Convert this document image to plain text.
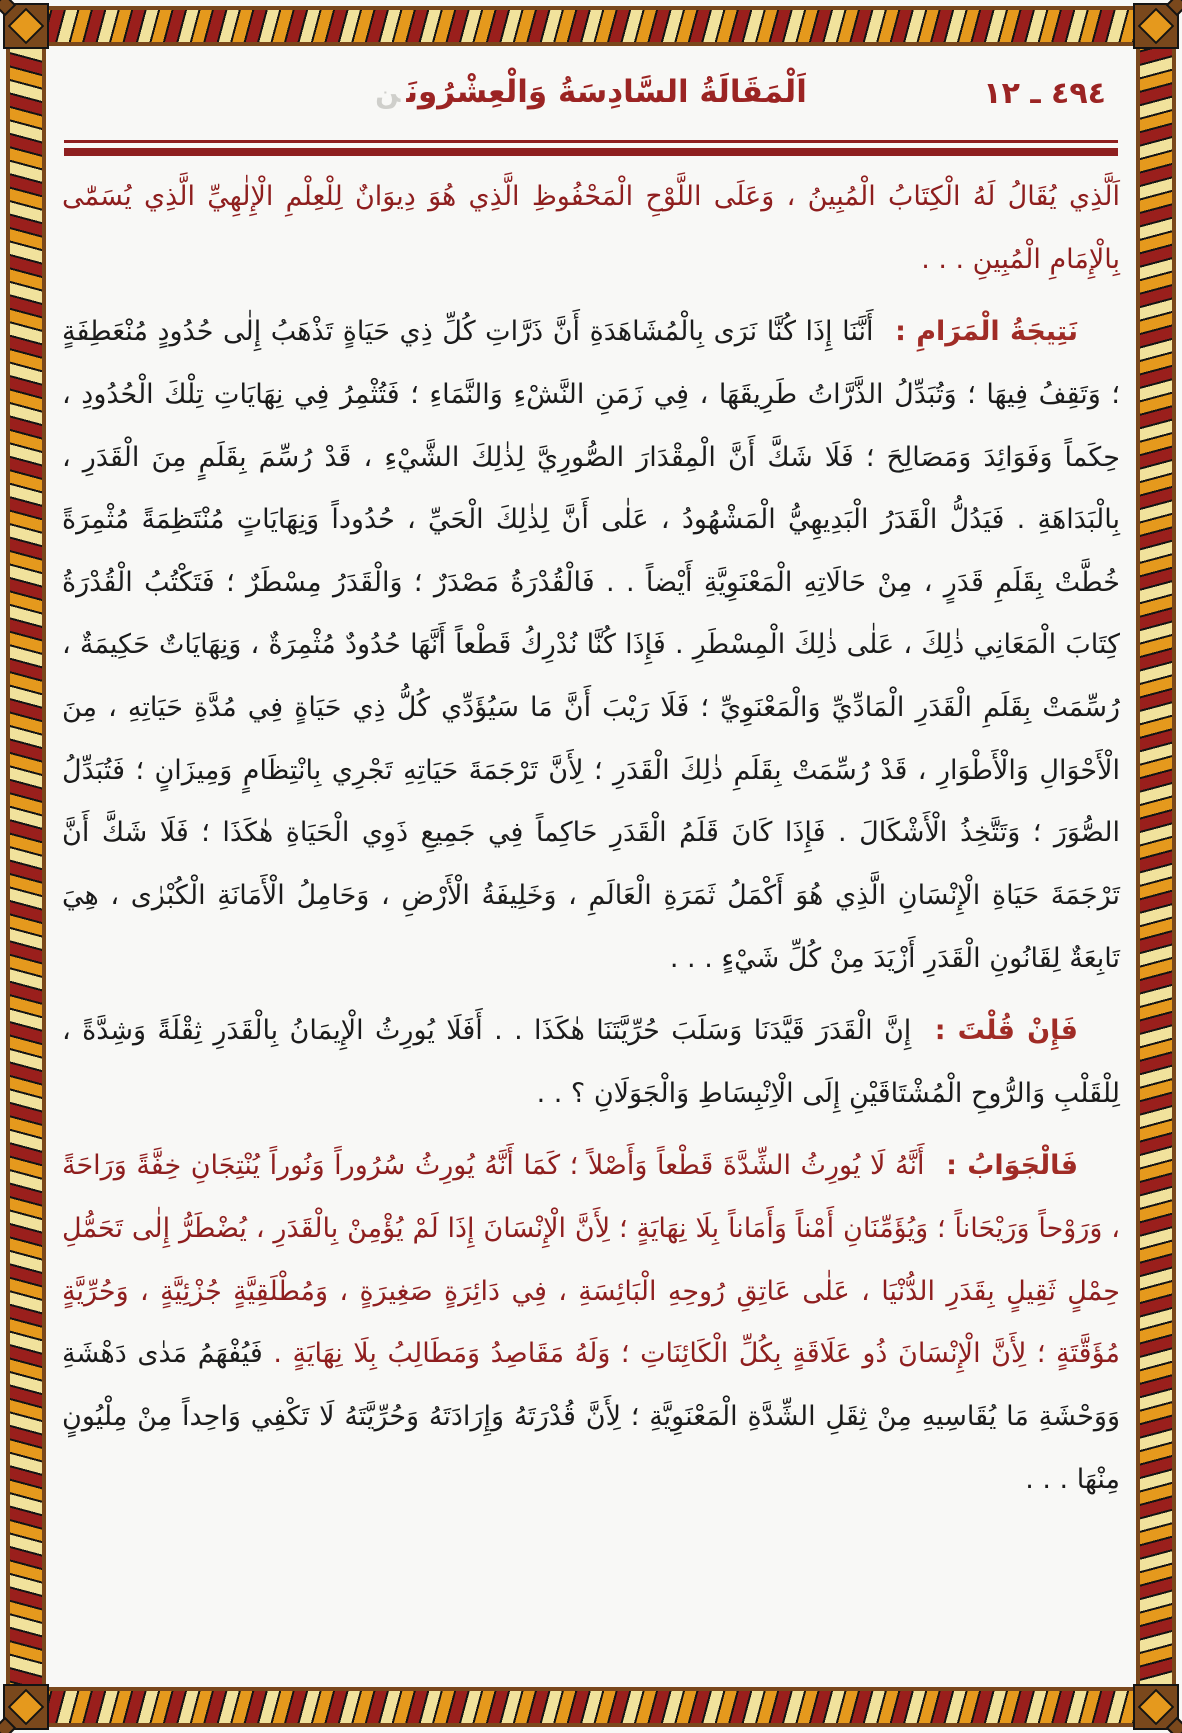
اَلْمَقَالَةُ السَّادِسَةُ وَالْعِشْرُونَن	١٢ ـ ٤٩٤

اَلَّذِي يُقَالُ لَهُ الْكِتَابُ الْمُبِينُ ، وَعَلَى اللَّوْحِ الْمَحْفُوظِ الَّذِي هُوَ دِيوَانٌ لِلْعِلْمِ الْإِلٰهِيِّ الَّذِي يُسَمّٰى بِالْإِمَامِ الْمُبِينِ . . .

نَتِيجَةُ الْمَرَامِ : أَنَّنَا إِذَا كُنَّا نَرَى بِالْمُشَاهَدَةِ أَنَّ ذَرَّاتِ كُلِّ ذِي حَيَاةٍ تَذْهَبُ إِلٰى حُدُودٍ مُنْعَطِفَةٍ ؛ وَتَقِفُ فِيهَا ؛ وَتُبَدِّلُ الذَّرَّاتُ طَرِيقَهَا ، فِي زَمَنِ النَّشْءِ وَالنَّمَاءِ ؛ فَتُثْمِرُ فِي نِهَايَاتِ تِلْكَ الْحُدُودِ ، حِكَماً وَفَوَائِدَ وَمَصَالِحَ ؛ فَلَا شَكَّ أَنَّ الْمِقْدَارَ الصُّورِيَّ لِذٰلِكَ الشَّيْءِ ، قَدْ رُسِّمَ بِقَلَمٍ مِنَ الْقَدَرِ ، بِالْبَدَاهَةِ . فَيَدُلُّ الْقَدَرُ الْبَدِيهِيُّ الْمَشْهُودُ ، عَلٰى أَنَّ لِذٰلِكَ الْحَيِّ ، حُدُوداً وَنِهَايَاتٍ مُنْتَظِمَةً مُثْمِرَةً خُطَّتْ بِقَلَمِ قَدَرٍ ، مِنْ حَالَاتِهِ الْمَعْنَوِيَّةِ أَيْضاً . . فَالْقُدْرَةُ مَصْدَرٌ ؛ وَالْقَدَرُ مِسْطَرٌ ؛ فَتَكْتُبُ الْقُدْرَةُ كِتَابَ الْمَعَانِي ذٰلِكَ ، عَلٰى ذٰلِكَ الْمِسْطَرِ . فَإِذَا كُنَّا نُدْرِكُ قَطْعاً أَنَّهَا حُدُودٌ مُثْمِرَةٌ ، وَنِهَايَاتٌ حَكِيمَةٌ ، رُسِّمَتْ بِقَلَمِ الْقَدَرِ الْمَادِّيِّ وَالْمَعْنَوِيِّ ؛ فَلَا رَيْبَ أَنَّ مَا سَيُؤَدِّي كُلُّ ذِي حَيَاةٍ فِي مُدَّةِ حَيَاتِهِ ، مِنَ الْأَحْوَالِ وَالْأَطْوَارِ ، قَدْ رُسِّمَتْ بِقَلَمِ ذٰلِكَ الْقَدَرِ ؛ لِأَنَّ تَرْجَمَةَ حَيَاتِهِ تَجْرِي بِانْتِظَامٍ وَمِيزَانٍ ؛ فَتُبَدِّلُ الصُّوَرَ ؛ وَتَتَّخِذُ الْأَشْكَالَ . فَإِذَا كَانَ قَلَمُ الْقَدَرِ حَاكِماً فِي جَمِيعِ ذَوِي الْحَيَاةِ هٰكَذَا ؛ فَلَا شَكَّ أَنَّ تَرْجَمَةَ حَيَاةِ الْإِنْسَانِ الَّذِي هُوَ أَكْمَلُ ثَمَرَةِ الْعَالَمِ ، وَخَلِيفَةُ الْأَرْضِ ، وَحَامِلُ الْأَمَانَةِ الْكُبْرٰى ، هِيَ تَابِعَةٌ لِقَانُونِ الْقَدَرِ أَزْيَدَ مِنْ كُلِّ شَيْءٍ . . .

فَإِنْ قُلْتَ : إِنَّ الْقَدَرَ قَيَّدَنَا وَسَلَبَ حُرِّيَّتَنَا هٰكَذَا . . أَفَلَا يُورِثُ الْإِيمَانُ بِالْقَدَرِ ثِقْلَةً وَشِدَّةً ، لِلْقَلْبِ وَالرُّوحِ الْمُشْتَاقَيْنِ إِلَى الْاِنْبِسَاطِ وَالْجَوَلَانِ ؟ . .

فَالْجَوَابُ : أَنَّهُ لَا يُورِثُ الشِّدَّةَ قَطْعاً وَأَصْلاً ؛ كَمَا أَنَّهُ يُورِثُ سُرُوراً وَنُوراً يُنْتِجَانِ خِفَّةً وَرَاحَةً ، وَرَوْحاً وَرَيْحَاناً ؛ وَيُؤَمِّنَانِ أَمْناً وَأَمَاناً بِلَا نِهَايَةٍ ؛ لِأَنَّ الْإِنْسَانَ إِذَا لَمْ يُؤْمِنْ بِالْقَدَرِ ، يُضْطَرُّ إِلٰى تَحَمُّلِ حِمْلٍ ثَقِيلٍ بِقَدَرِ الدُّنْيَا ، عَلٰى عَاتِقِ رُوحِهِ الْبَائِسَةِ ، فِي دَائِرَةٍ صَغِيرَةٍ ، وَمُطْلَقِيَّةٍ جُزْئِيَّةٍ ، وَحُرِّيَّةٍ مُؤَقَّتَةٍ ؛ لِأَنَّ الْإِنْسَانَ ذُو عَلَاقَةٍ بِكُلِّ الْكَائِنَاتِ ؛ وَلَهُ مَقَاصِدُ وَمَطَالِبُ بِلَا نِهَايَةٍ . فَيُفْهَمُ مَدٰى دَهْشَةِ وَوَحْشَةِ مَا يُقَاسِيهِ مِنْ ثِقَلِ الشِّدَّةِ الْمَعْنَوِيَّةِ ؛ لِأَنَّ قُدْرَتَهُ وَإِرَادَتَهُ وَحُرِّيَّتَهُ لَا تَكْفِي وَاحِداً مِنْ مِلْيُونٍ مِنْهَا . . .
